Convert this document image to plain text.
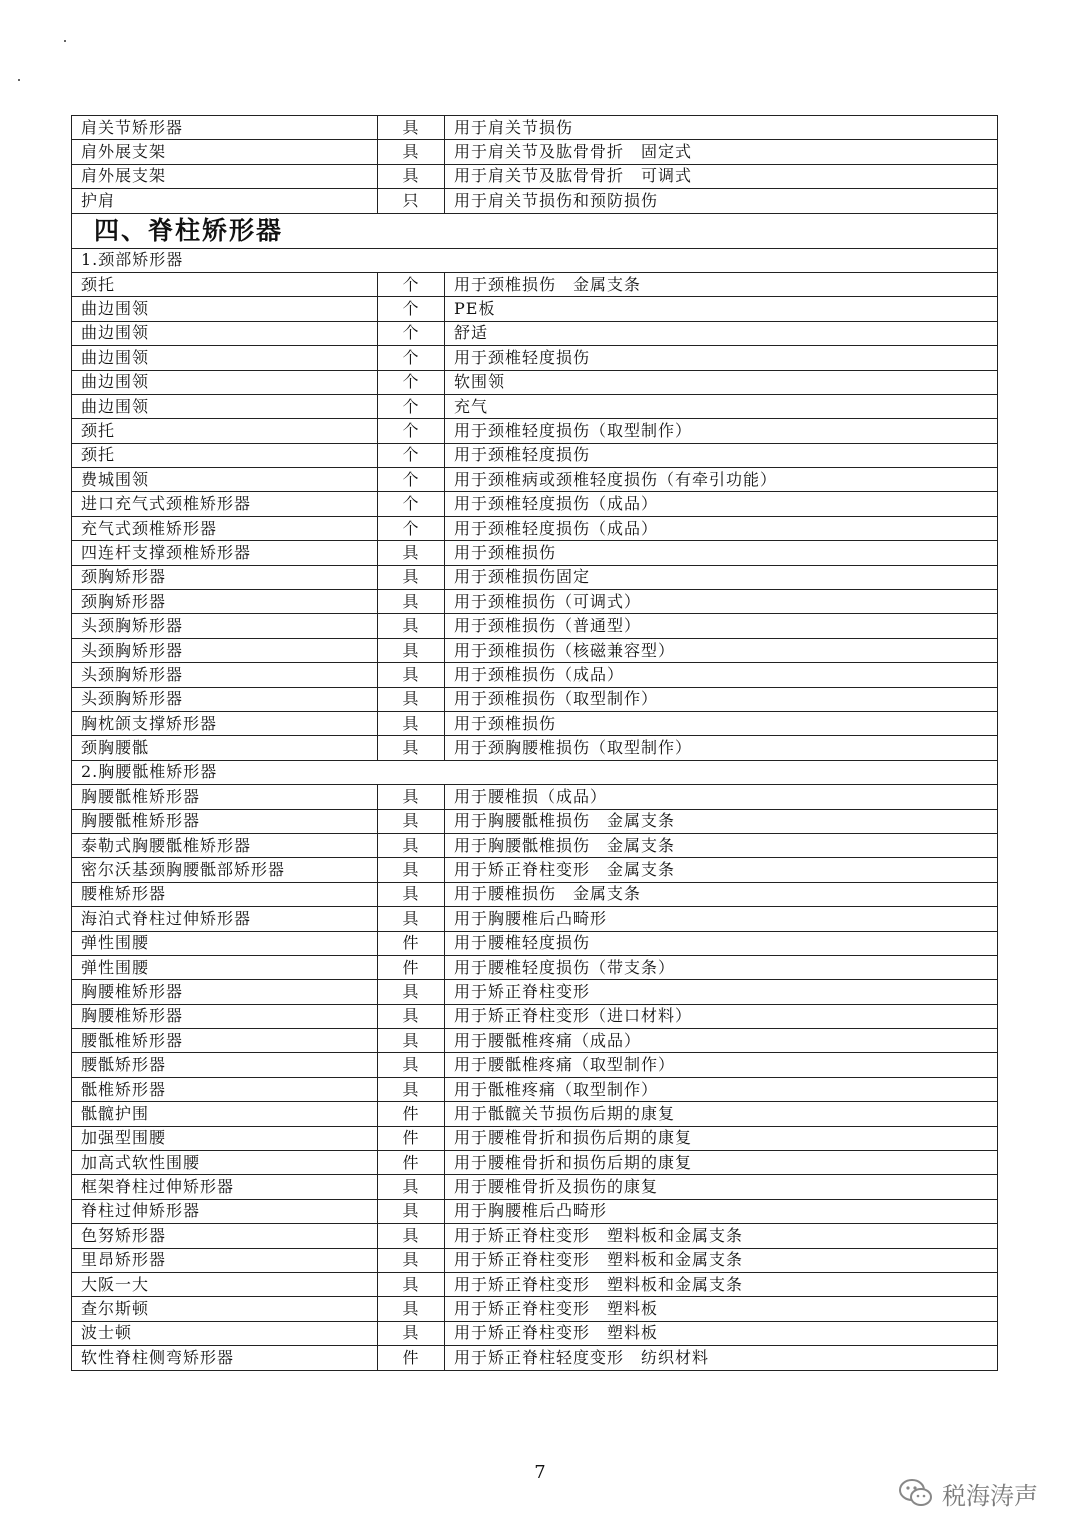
肩关节矫形器	具	用于肩关节损伤
肩外展支架	具	用于肩关节及肱骨骨折　固定式
肩外展支架	具	用于肩关节及肱骨骨折　可调式
护肩	只	用于肩关节损伤和预防损伤
四、脊柱矫形器		
1.颈部矫形器		
颈托	个	用于颈椎损伤　金属支条
曲边围领	个	PE板
曲边围领	个	舒适
曲边围领	个	用于颈椎轻度损伤
曲边围领	个	软围领
曲边围领	个	充气
颈托	个	用于颈椎轻度损伤（取型制作）
颈托	个	用于颈椎轻度损伤
费城围领	个	用于颈椎病或颈椎轻度损伤（有牵引功能）
进口充气式颈椎矫形器	个	用于颈椎轻度损伤（成品）
充气式颈椎矫形器	个	用于颈椎轻度损伤（成品）
四连杆支撑颈椎矫形器	具	用于颈椎损伤
颈胸矫形器	具	用于颈椎损伤固定
颈胸矫形器	具	用于颈椎损伤（可调式）
头颈胸矫形器	具	用于颈椎损伤（普通型）
头颈胸矫形器	具	用于颈椎损伤（核磁兼容型）
头颈胸矫形器	具	用于颈椎损伤（成品）
头颈胸矫形器	具	用于颈椎损伤（取型制作）
胸枕颌支撑矫形器	具	用于颈椎损伤
颈胸腰骶	具	用于颈胸腰椎损伤（取型制作）
2.胸腰骶椎矫形器		
胸腰骶椎矫形器	具	用于腰椎损（成品）
胸腰骶椎矫形器	具	用于胸腰骶椎损伤　金属支条
泰勒式胸腰骶椎矫形器	具	用于胸腰骶椎损伤　金属支条
密尔沃基颈胸腰骶部矫形器	具	用于矫正脊柱变形　金属支条
腰椎矫形器	具	用于腰椎损伤　金属支条
海泊式脊柱过伸矫形器	具	用于胸腰椎后凸畸形
弹性围腰	件	用于腰椎轻度损伤
弹性围腰	件	用于腰椎轻度损伤（带支条）
胸腰椎矫形器	具	用于矫正脊柱变形
胸腰椎矫形器	具	用于矫正脊柱变形（进口材料）
腰骶椎矫形器	具	用于腰骶椎疼痛（成品）
腰骶矫形器	具	用于腰骶椎疼痛（取型制作）
骶椎矫形器	具	用于骶椎疼痛（取型制作）
骶髋护围	件	用于骶髋关节损伤后期的康复
加强型围腰	件	用于腰椎骨折和损伤后期的康复
加高式软性围腰	件	用于腰椎骨折和损伤后期的康复
框架脊柱过伸矫形器	具	用于腰椎骨折及损伤的康复
脊柱过伸矫形器	具	用于胸腰椎后凸畸形
色努矫形器	具	用于矫正脊柱变形　塑料板和金属支条
里昂矫形器	具	用于矫正脊柱变形　塑料板和金属支条
大阪一大	具	用于矫正脊柱变形　塑料板和金属支条
查尔斯顿	具	用于矫正脊柱变形　塑料板
波士顿	具	用于矫正脊柱变形　塑料板
软性脊柱侧弯矫形器	件	用于矫正脊柱轻度变形　纺织材料
7
税海涛声
